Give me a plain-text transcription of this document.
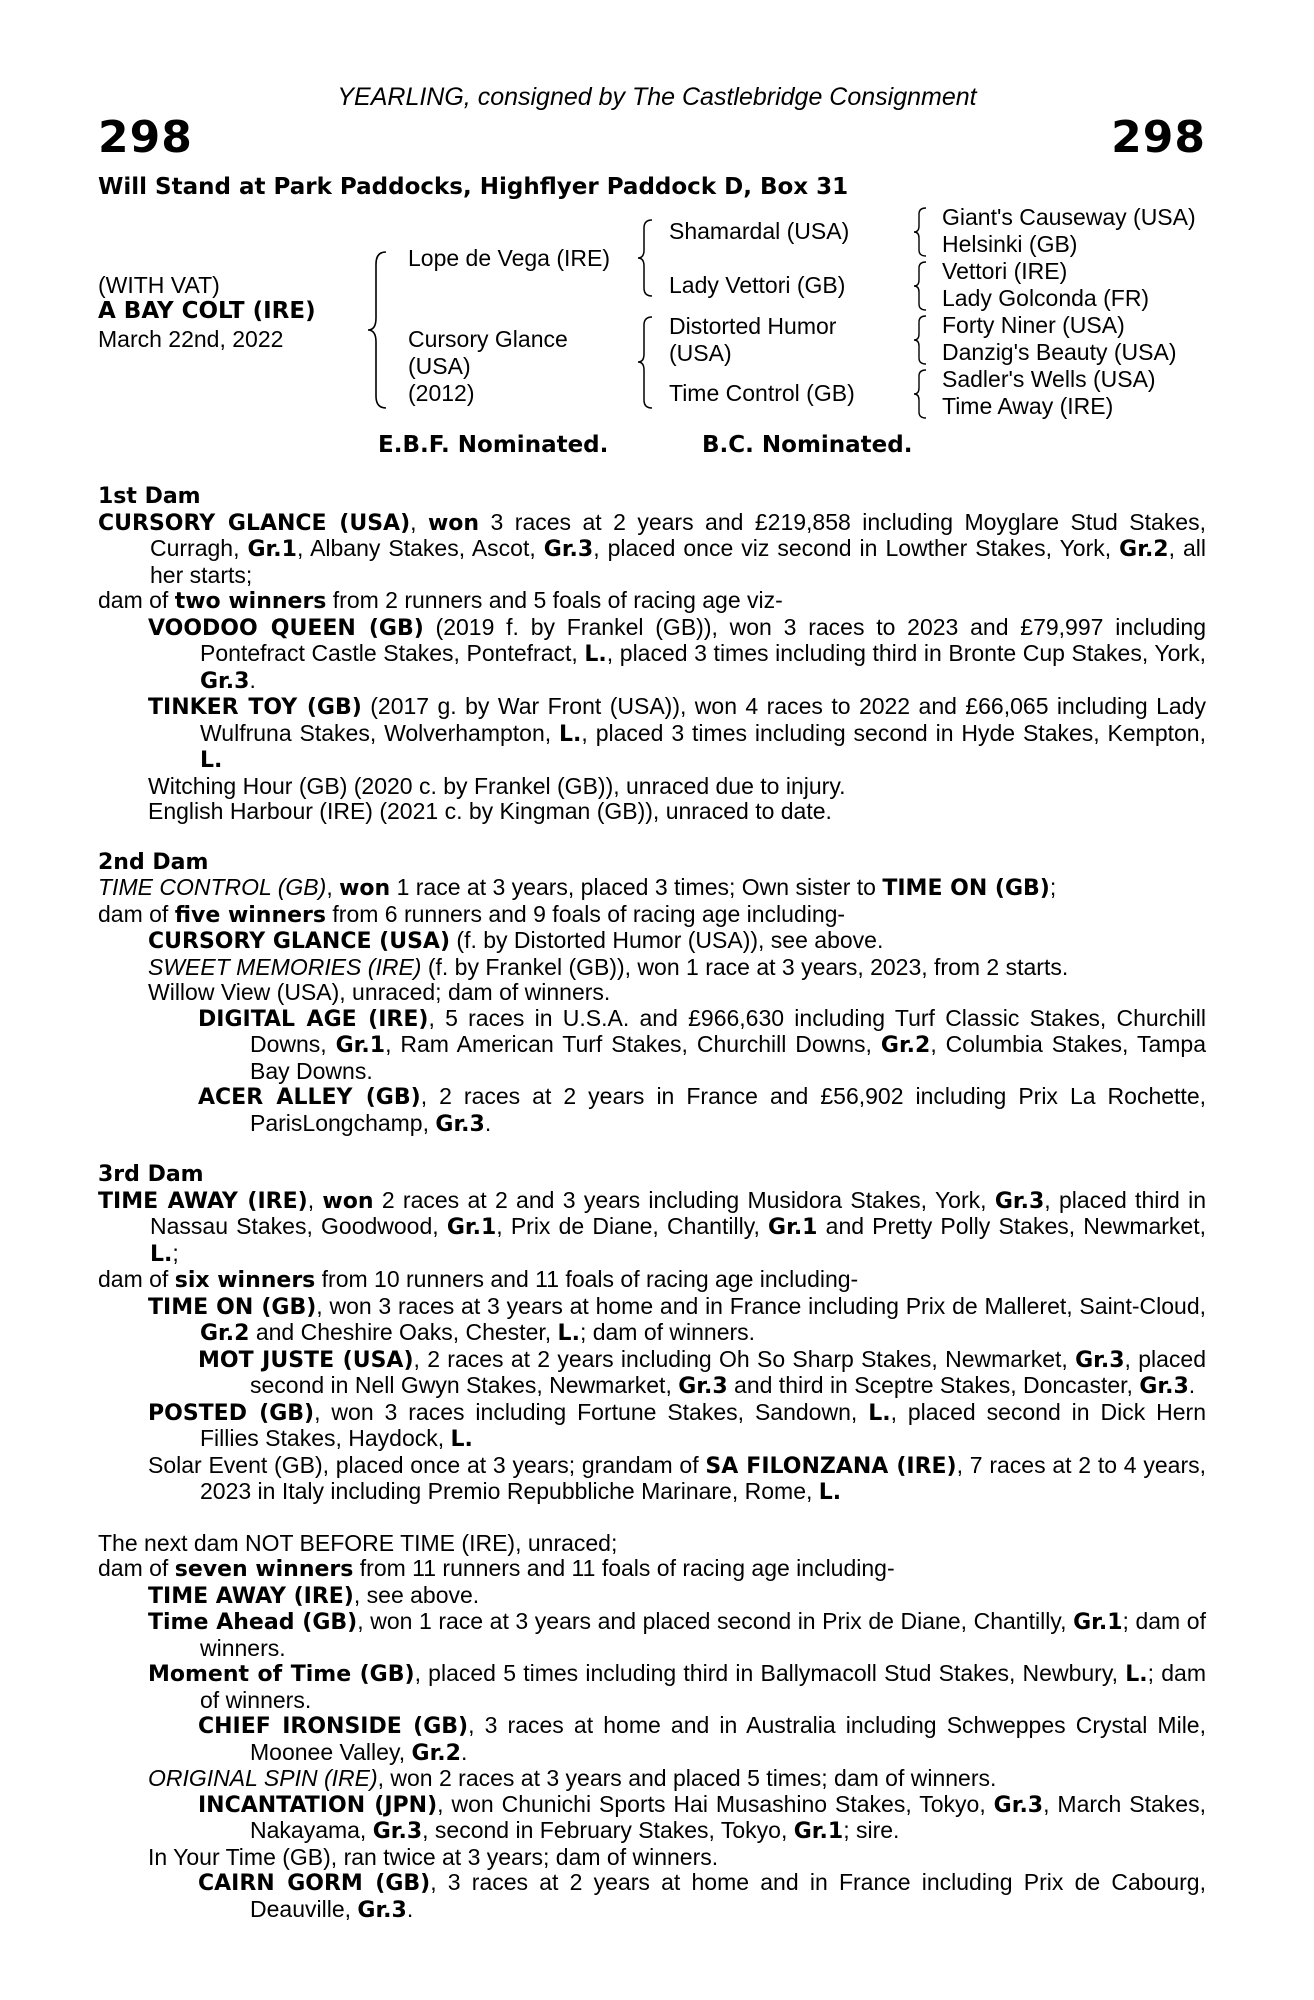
YEARLING, consigned by The Castlebridge Consignment
298	298
Will Stand at Park Paddocks, Highflyer Paddock D, Box 31
(WITH VAT)
A BAY COLT (IRE)
March 22nd, 2022
Lope de Vega (IRE)
Cursory Glance
(USA)
(2012)
Shamardal (USA)
Lady Vettori (GB)
Distorted Humor
(USA)
Time Control (GB)
Giant's Causeway (USA)
Helsinki (GB)
Vettori (IRE)
Lady Golconda (FR)
Forty Niner (USA)
Danzig's Beauty (USA)
Sadler's Wells (USA)
Time Away (IRE)
E.B.F. Nominated.	B.C. Nominated.
1st Dam
CURSORY GLANCE (USA), won 3 races at 2 years and £219,858 including Moyglare Stud Stakes, Curragh, Gr.1, Albany Stakes, Ascot, Gr.3, placed once viz second in Lowther Stakes, York, Gr.2, all her starts;
dam of two winners from 2 runners and 5 foals of racing age viz-
VOODOO QUEEN (GB) (2019 f. by Frankel (GB)), won 3 races to 2023 and £79,997 including Pontefract Castle Stakes, Pontefract, L., placed 3 times including third in Bronte Cup Stakes, York, Gr.3.
TINKER TOY (GB) (2017 g. by War Front (USA)), won 4 races to 2022 and £66,065 including Lady Wulfruna Stakes, Wolverhampton, L., placed 3 times including second in Hyde Stakes, Kempton, L.
Witching Hour (GB) (2020 c. by Frankel (GB)), unraced due to injury.
English Harbour (IRE) (2021 c. by Kingman (GB)), unraced to date.
2nd Dam
TIME CONTROL (GB), won 1 race at 3 years, placed 3 times; Own sister to TIME ON (GB);
dam of five winners from 6 runners and 9 foals of racing age including-
CURSORY GLANCE (USA) (f. by Distorted Humor (USA)), see above.
SWEET MEMORIES (IRE) (f. by Frankel (GB)), won 1 race at 3 years, 2023, from 2 starts.
Willow View (USA), unraced; dam of winners.
DIGITAL AGE (IRE), 5 races in U.S.A. and £966,630 including Turf Classic Stakes, Churchill Downs, Gr.1, Ram American Turf Stakes, Churchill Downs, Gr.2, Columbia Stakes, Tampa Bay Downs.
ACER ALLEY (GB), 2 races at 2 years in France and £56,902 including Prix La Rochette, ParisLongchamp, Gr.3.
3rd Dam
TIME AWAY (IRE), won 2 races at 2 and 3 years including Musidora Stakes, York, Gr.3, placed third in Nassau Stakes, Goodwood, Gr.1, Prix de Diane, Chantilly, Gr.1 and Pretty Polly Stakes, Newmarket, L.;
dam of six winners from 10 runners and 11 foals of racing age including-
TIME ON (GB), won 3 races at 3 years at home and in France including Prix de Malleret, Saint-Cloud, Gr.2 and Cheshire Oaks, Chester, L.; dam of winners.
MOT JUSTE (USA), 2 races at 2 years including Oh So Sharp Stakes, Newmarket, Gr.3, placed second in Nell Gwyn Stakes, Newmarket, Gr.3 and third in Sceptre Stakes, Doncaster, Gr.3.
POSTED (GB), won 3 races including Fortune Stakes, Sandown, L., placed second in Dick Hern Fillies Stakes, Haydock, L.
Solar Event (GB), placed once at 3 years; grandam of SA FILONZANA (IRE), 7 races at 2 to 4 years, 2023 in Italy including Premio Repubbliche Marinare, Rome, L.
The next dam NOT BEFORE TIME (IRE), unraced;
dam of seven winners from 11 runners and 11 foals of racing age including-
TIME AWAY (IRE), see above.
Time Ahead (GB), won 1 race at 3 years and placed second in Prix de Diane, Chantilly, Gr.1; dam of winners.
Moment of Time (GB), placed 5 times including third in Ballymacoll Stud Stakes, Newbury, L.; dam of winners.
CHIEF IRONSIDE (GB), 3 races at home and in Australia including Schweppes Crystal Mile, Moonee Valley, Gr.2.
ORIGINAL SPIN (IRE), won 2 races at 3 years and placed 5 times; dam of winners.
INCANTATION (JPN), won Chunichi Sports Hai Musashino Stakes, Tokyo, Gr.3, March Stakes, Nakayama, Gr.3, second in February Stakes, Tokyo, Gr.1; sire.
In Your Time (GB), ran twice at 3 years; dam of winners.
CAIRN GORM (GB), 3 races at 2 years at home and in France including Prix de Cabourg, Deauville, Gr.3.
